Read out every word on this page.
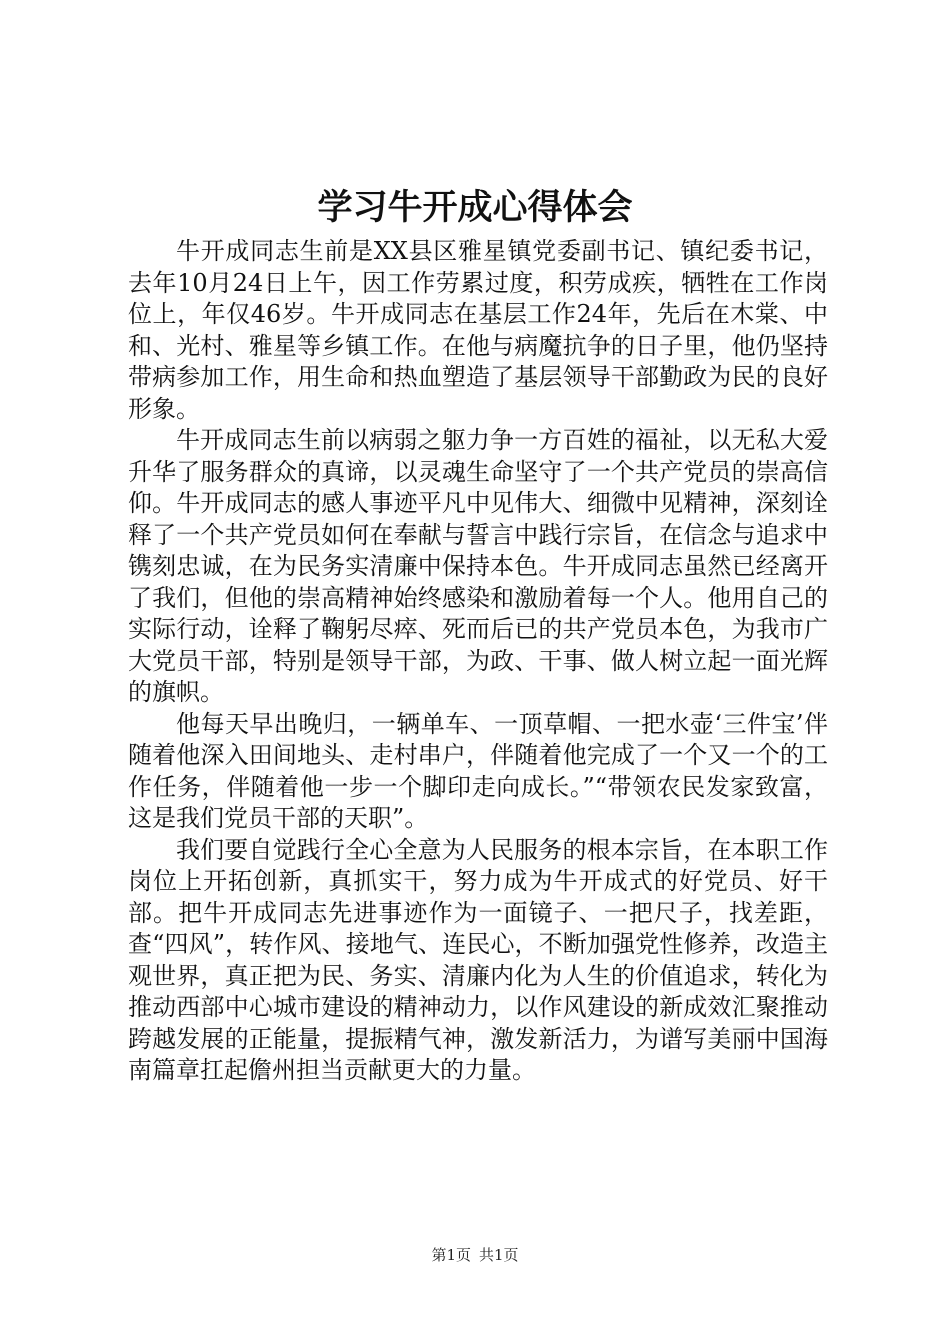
学习牛开成心得体会

牛开成同志生前是XX县区雅星镇党委副书记、镇纪委书记，去年10月24日上午，因工作劳累过度，积劳成疾，牺牲在工作岗位上，年仅46岁。牛开成同志在基层工作24年，先后在木棠、中和、光村、雅星等乡镇工作。在他与病魔抗争的日子里，他仍坚持带病参加工作，用生命和热血塑造了基层领导干部勤政为民的良好形象。

牛开成同志生前以病弱之躯力争一方百姓的福祉，以无私大爱升华了服务群众的真谛，以灵魂生命坚守了一个共产党员的崇高信仰。牛开成同志的感人事迹平凡中见伟大、细微中见精神，深刻诠释了一个共产党员如何在奉献与誓言中践行宗旨，在信念与追求中镌刻忠诚，在为民务实清廉中保持本色。牛开成同志虽然已经离开了我们，但他的崇高精神始终感染和激励着每一个人。他用自己的实际行动，诠释了鞠躬尽瘁、死而后已的共产党员本色，为我市广大党员干部，特别是领导干部，为政、干事、做人树立起一面光辉的旗帜。

他每天早出晚归，一辆单车、一顶草帽、一把水壶‘三件宝’伴随着他深入田间地头、走村串户，伴随着他完成了一个又一个的工作任务，伴随着他一步一个脚印走向成长。”“带领农民发家致富，这是我们党员干部的天职”。

我们要自觉践行全心全意为人民服务的根本宗旨，在本职工作岗位上开拓创新，真抓实干，努力成为牛开成式的好党员、好干部。把牛开成同志先进事迹作为一面镜子、一把尺子，找差距，查“四风”，转作风、接地气、连民心，不断加强党性修养，改造主观世界，真正把为民、务实、清廉内化为人生的价值追求，转化为推动西部中心城市建设的精神动力，以作风建设的新成效汇聚推动跨越发展的正能量，提振精气神，激发新活力，为谱写美丽中国海南篇章扛起儋州担当贡献更大的力量。

第1页 共1页
